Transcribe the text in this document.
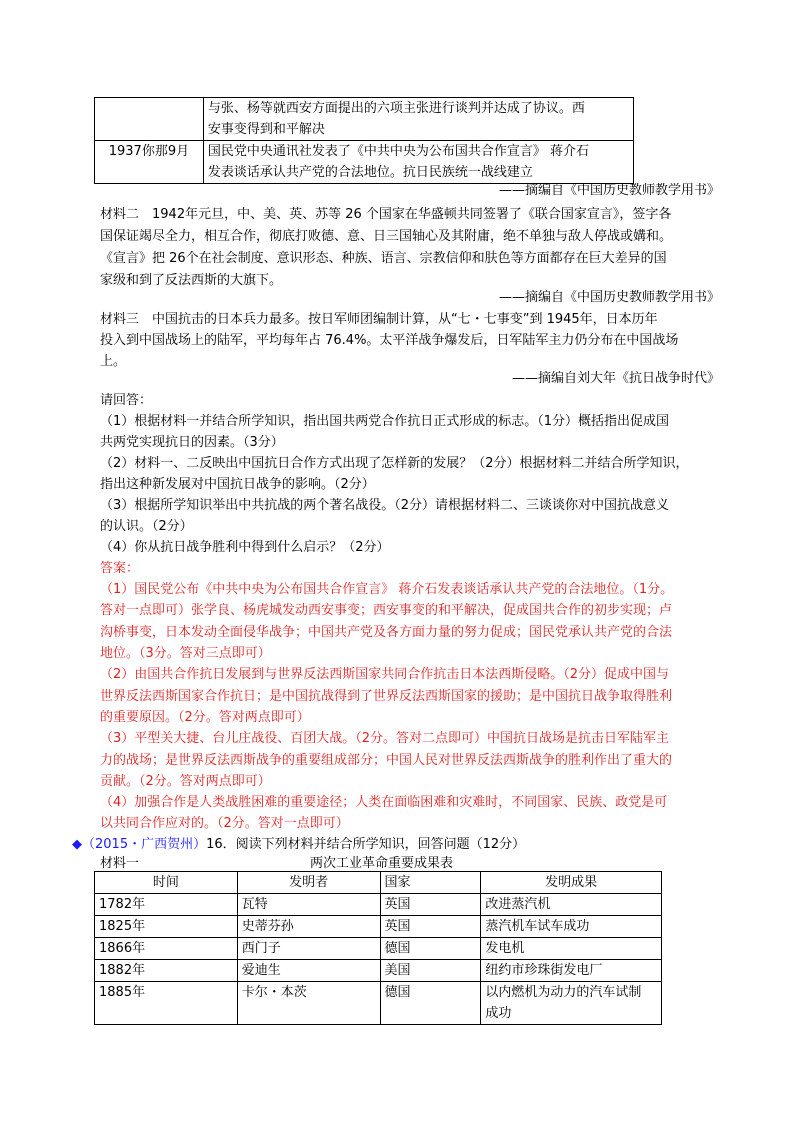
	与张、杨等就西安方面提出的六项主张进行谈判并达成了协议。西
安事变得到和平解决

1937你那9月	国民党中央通讯社发表了《中共中央为公布国共合作宣言》 蒋介石
发表谈话承认共产党的合法地位。抗日民族统一战线建立
——摘编自《中国历史教师教学用书》
材料二　1942年元旦，中、美、英、苏等 26 个国家在华盛顿共同签署了《联合国家宣言》，签字各
国保证竭尽全力，相互合作，彻底打败德、意、日三国轴心及其附庸，绝不单独与敌人停战或媾和。
《宣言》把 26个在社会制度、意识形态、种族、语言、宗教信仰和肤色等方面都存在巨大差异的国
家级和到了反法西斯的大旗下。
——摘编自《中国历史教师教学用书》
材料三　中国抗击的日本兵力最多。按日军师团编制计算，从“七・七事变”到 1945年，日本历年
投入到中国战场上的陆军，平均每年占 76.4%。太平洋战争爆发后，日军陆军主力仍分布在中国战场
上。
——摘编自刘大年《抗日战争时代》
请回答：
（1）根据材料一并结合所学知识，指出国共两党合作抗日正式形成的标志。（1分）概括指出促成国
共两党实现抗日的因素。（3分）
（2）材料一、二反映出中国抗日合作方式出现了怎样新的发展？（2分）根据材料二并结合所学知识，
指出这种新发展对中国抗日战争的影响。（2分）
（3）根据所学知识举出中共抗战的两个著名战役。（2分）请根据材料二、三谈谈你对中国抗战意义
的认识。（2分）
（4）你从抗日战争胜利中得到什么启示？（2分）
答案：
（1）国民党公布《中共中央为公布国共合作宣言》 蒋介石发表谈话承认共产党的合法地位。（1分。
答对一点即可）张学良、杨虎城发动西安事变；西安事变的和平解决，促成国共合作的初步实现；卢
沟桥事变，日本发动全面侵华战争；中国共产党及各方面力量的努力促成；国民党承认共产党的合法
地位。（3分。答对三点即可）
（2）由国共合作抗日发展到与世界反法西斯国家共同合作抗击日本法西斯侵略。（2分）促成中国与
世界反法西斯国家合作抗日；是中国抗战得到了世界反法西斯国家的援助；是中国抗日战争取得胜利
的重要原因。（2分。答对两点即可）
（3）平型关大捷、台儿庄战役、百团大战。（2分。答对二点即可）中国抗日战场是抗击日军陆军主
力的战场；是世界反法西斯战争的重要组成部分；中国人民对世界反法西斯战争的胜利作出了重大的
贡献。（2分。答对两点即可）
（4）加强合作是人类战胜困难的重要途径；人类在面临困难和灾难时，不同国家、民族、政党是可
以共同合作应对的。（2分。答对一点即可）
◆（2015・广西贺州）16．阅读下列材料并结合所学知识，回答问题（12分）
材料一	两次工业革命重要成果表
时间	发明者	国家	发明成果
1782年	瓦特	英国	改进蒸汽机
1825年	史蒂芬孙	英国	蒸汽机车试车成功
1866年	西门子	德国	发电机
1882年	爱迪生	美国	纽约市珍珠街发电厂
1885年	卡尔・本茨	德国	以内燃机为动力的汽车试制
成功
